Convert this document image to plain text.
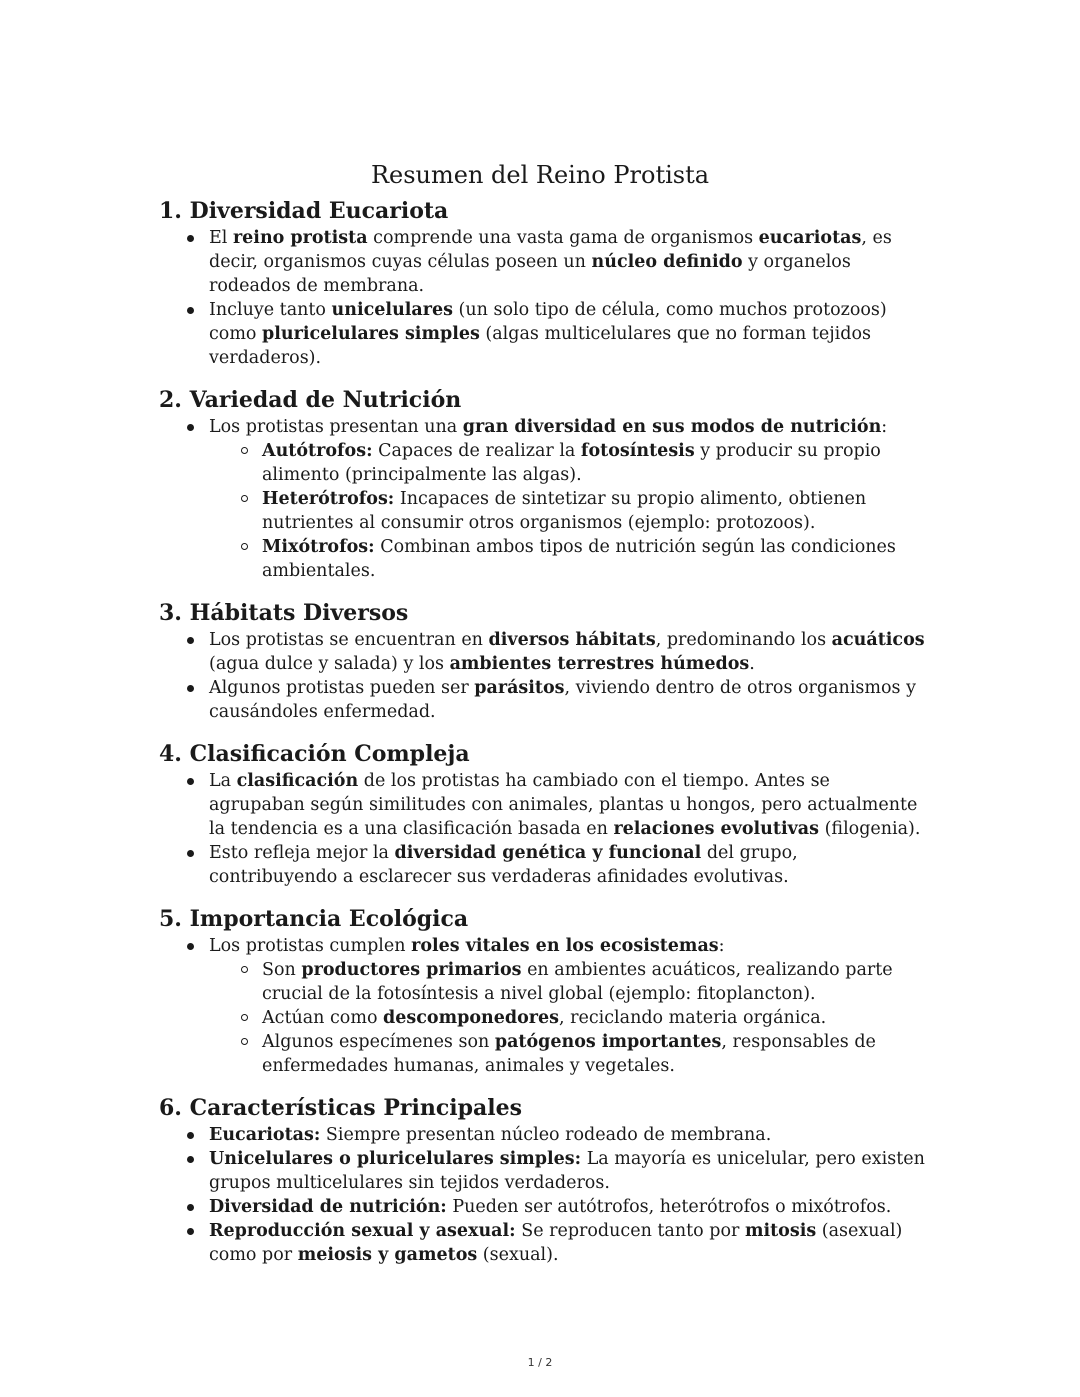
Resumen del Reino Protista
1. Diversidad Eucariota
El reino protista comprende una vasta gama de organismos eucariotas, es decir, organismos cuyas células poseen un núcleo definido y organelos rodeados de membrana.
Incluye tanto unicelulares (un solo tipo de célula, como muchos protozoos) como pluricelulares simples (algas multicelulares que no forman tejidos verdaderos).
2. Variedad de Nutrición
Los protistas presentan una gran diversidad en sus modos de nutrición:
Autótrofos: Capaces de realizar la fotosíntesis y producir su propio alimento (principalmente las algas).
Heterótrofos: Incapaces de sintetizar su propio alimento, obtienen nutrientes al consumir otros organismos (ejemplo: protozoos).
Mixótrofos: Combinan ambos tipos de nutrición según las condiciones ambientales.
3. Hábitats Diversos
Los protistas se encuentran en diversos hábitats, predominando los acuáticos (agua dulce y salada) y los ambientes terrestres húmedos.
Algunos protistas pueden ser parásitos, viviendo dentro de otros organismos y causándoles enfermedad.
4. Clasificación Compleja
La clasificación de los protistas ha cambiado con el tiempo. Antes se agrupaban según similitudes con animales, plantas u hongos, pero actualmente la tendencia es a una clasificación basada en relaciones evolutivas (filogenia).
Esto refleja mejor la diversidad genética y funcional del grupo, contribuyendo a esclarecer sus verdaderas afinidades evolutivas.
5. Importancia Ecológica
Los protistas cumplen roles vitales en los ecosistemas:
Son productores primarios en ambientes acuáticos, realizando parte crucial de la fotosíntesis a nivel global (ejemplo: fitoplancton).
Actúan como descomponedores, reciclando materia orgánica.
Algunos especímenes son patógenos importantes, responsables de enfermedades humanas, animales y vegetales.
6. Características Principales
Eucariotas: Siempre presentan núcleo rodeado de membrana.
Unicelulares o pluricelulares simples: La mayoría es unicelular, pero existen grupos multicelulares sin tejidos verdaderos.
Diversidad de nutrición: Pueden ser autótrofos, heterótrofos o mixótrofos.
Reproducción sexual y asexual: Se reproducen tanto por mitosis (asexual) como por meiosis y gametos (sexual).
1 / 2
